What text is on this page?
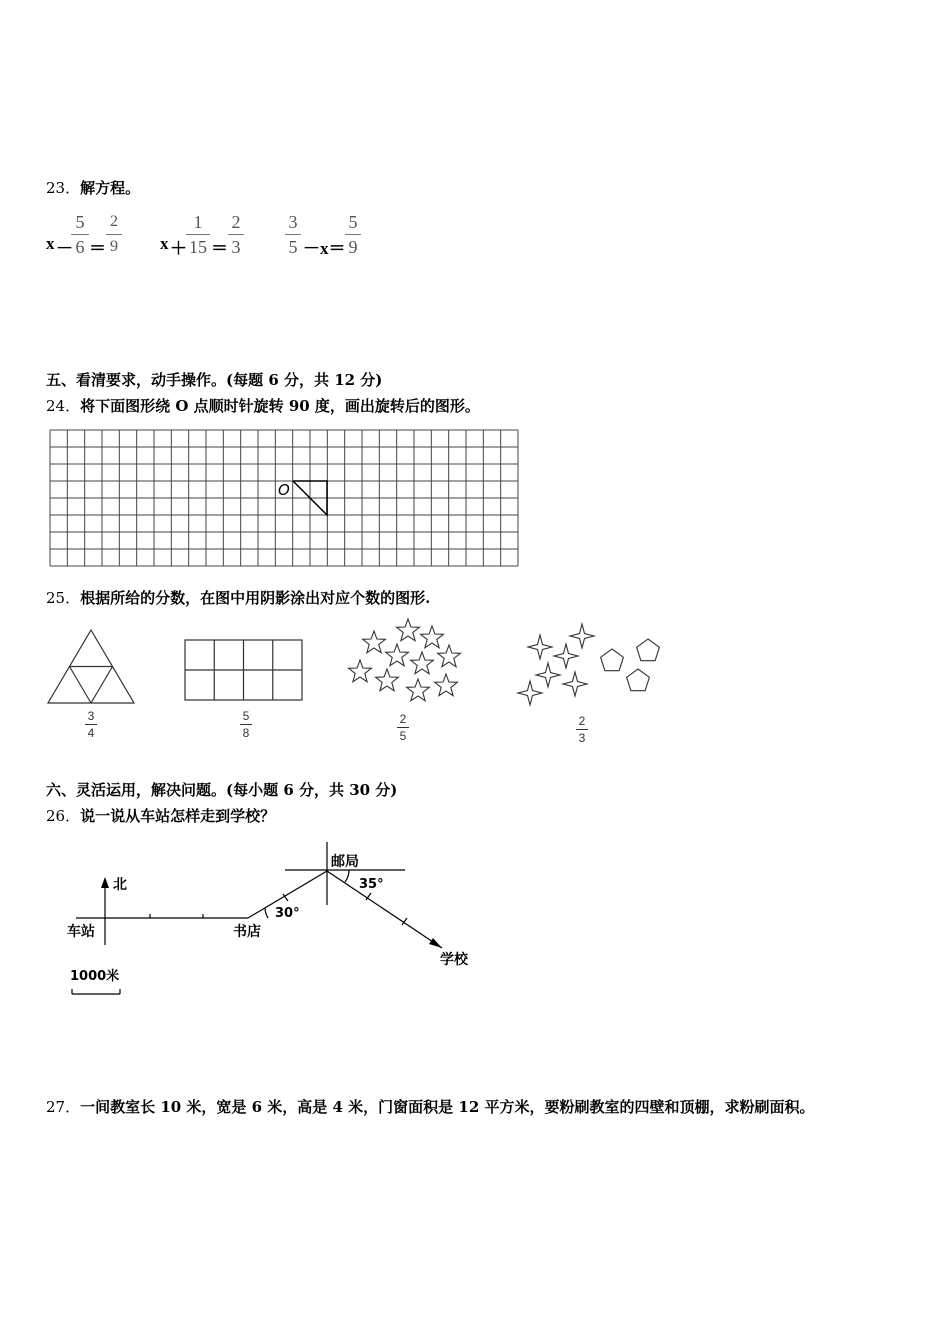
23．解方程。
x －
5
6 ＝
2
9 x ＋
1
15 ＝
2
3
3
5 －x＝
5
9
五、看清要求，动手操作。(每题 6 分，共 12 分)
24．将下面图形绕 O 点顺时针旋转 90 度，画出旋转后的图形。
O
北
车站	书店
邮局
学校
30°
35°
1000米
25．根据所给的分数，在图中用阴影涂出对应个数的图形.
3
4
5
8
2
5
2
3
六、灵活运用，解决问题。(每小题 6 分，共 30 分)
26．说一说从车站怎样走到学校？
27．一间教室长 10 米，宽是 6 米，高是 4 米，门窗面积是 12 平方米，要粉刷教室的四壁和顶棚，求粉刷面积。
